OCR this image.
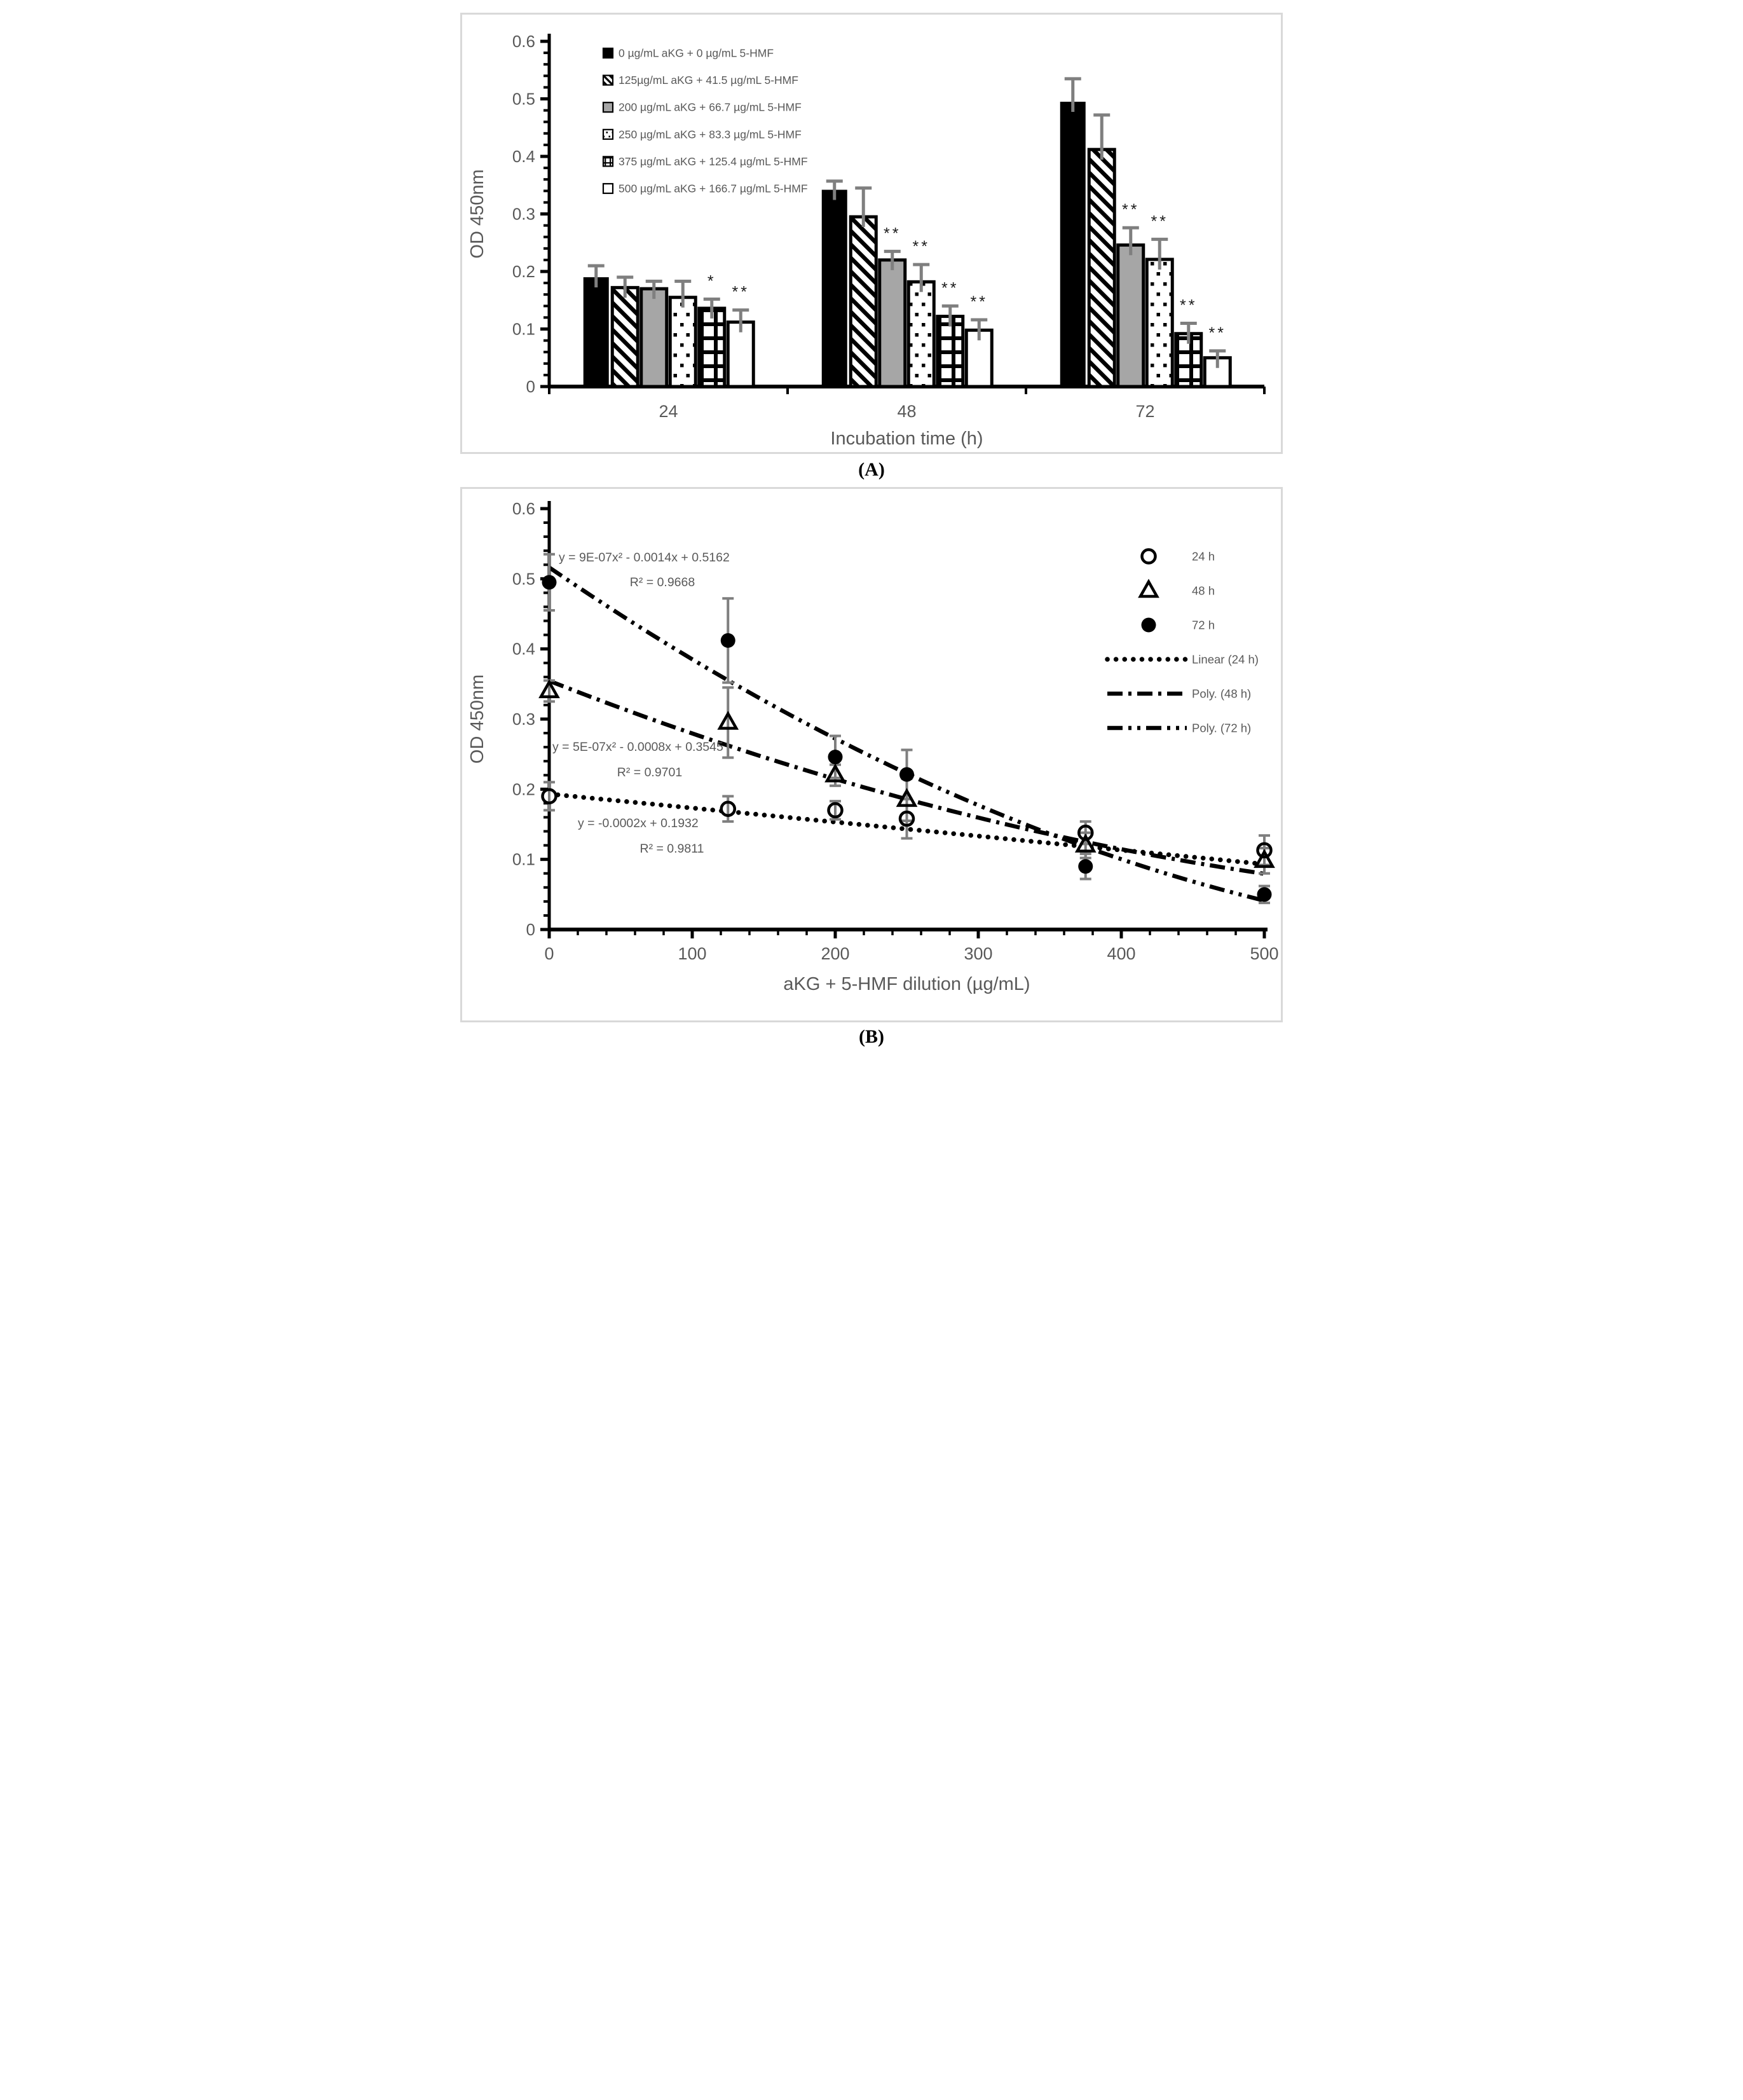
0
0.1
0.2
0.3
0.4
0.5
0.6
OD 450nm
24	48	72
*
**
**
**
**
**
**
**
**
**
Incubation time (h)
0 µg/mL aKG + 0 µg/mL 5-HMF
125µg/mL aKG + 41.5 µg/mL 5-HMF
200 µg/mL aKG + 66.7 µg/mL 5-HMF
250 µg/mL aKG + 83.3 µg/mL 5-HMF
375 µg/mL aKG + 125.4 µg/mL 5-HMF
500 µg/mL aKG + 166.7 µg/mL 5-HMF
(A)
0
0.1
0.2
0.3
0.4
0.5
0.6
OD 450nm
0	100	200	300	400	500
aKG + 5-HMF dilution (µg/mL)
y = -0.0002x + 0.1932
R² = 0.9811
y = 5E-07x² - 0.0008x + 0.3545
R² = 0.9701
y = 9E-07x² - 0.0014x + 0.5162
R² = 0.9668
24 h
48 h
72 h
Linear (24 h)
Poly. (48 h)
Poly. (72 h)
(B)
